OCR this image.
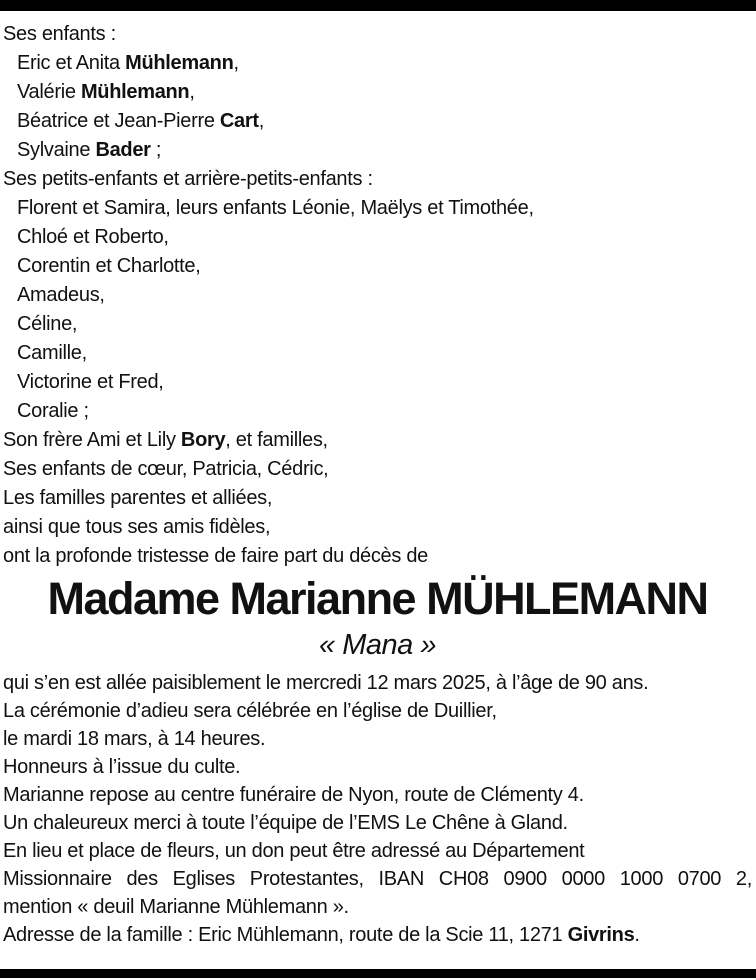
Ses enfants :
Eric et Anita Mühlemann,
Valérie Mühlemann,
Béatrice et Jean-Pierre Cart,
Sylvaine Bader ;
Ses petits-enfants et arrière-petits-enfants :
Florent et Samira, leurs enfants Léonie, Maëlys et Timothée,
Chloé et Roberto,
Corentin et Charlotte,
Amadeus,
Céline,
Camille,
Victorine et Fred,
Coralie ;
Son frère Ami et Lily Bory, et familles,
Ses enfants de cœur, Patricia, Cédric,
Les familles parentes et alliées,
ainsi que tous ses amis fidèles,
ont la profonde tristesse de faire part du décès de
Madame Marianne MÜHLEMANN
« Mana »
qui s’en est allée paisiblement le mercredi 12 mars 2025, à l’âge de 90 ans.
La cérémonie d’adieu sera célébrée en l’église de Duillier,
le mardi 18 mars, à 14 heures.
Honneurs à l’issue du culte.
Marianne repose au centre funéraire de Nyon, route de Clémenty 4.
Un chaleureux merci à toute l’équipe de l’EMS Le Chêne à Gland.
En lieu et place de fleurs, un don peut être adressé au Département
Missionnaire des Eglises Protestantes, IBAN CH08 0900 0000 1000 0700 2,
mention « deuil Marianne Mühlemann ».
Adresse de la famille : Eric Mühlemann, route de la Scie 11, 1271 Givrins.
